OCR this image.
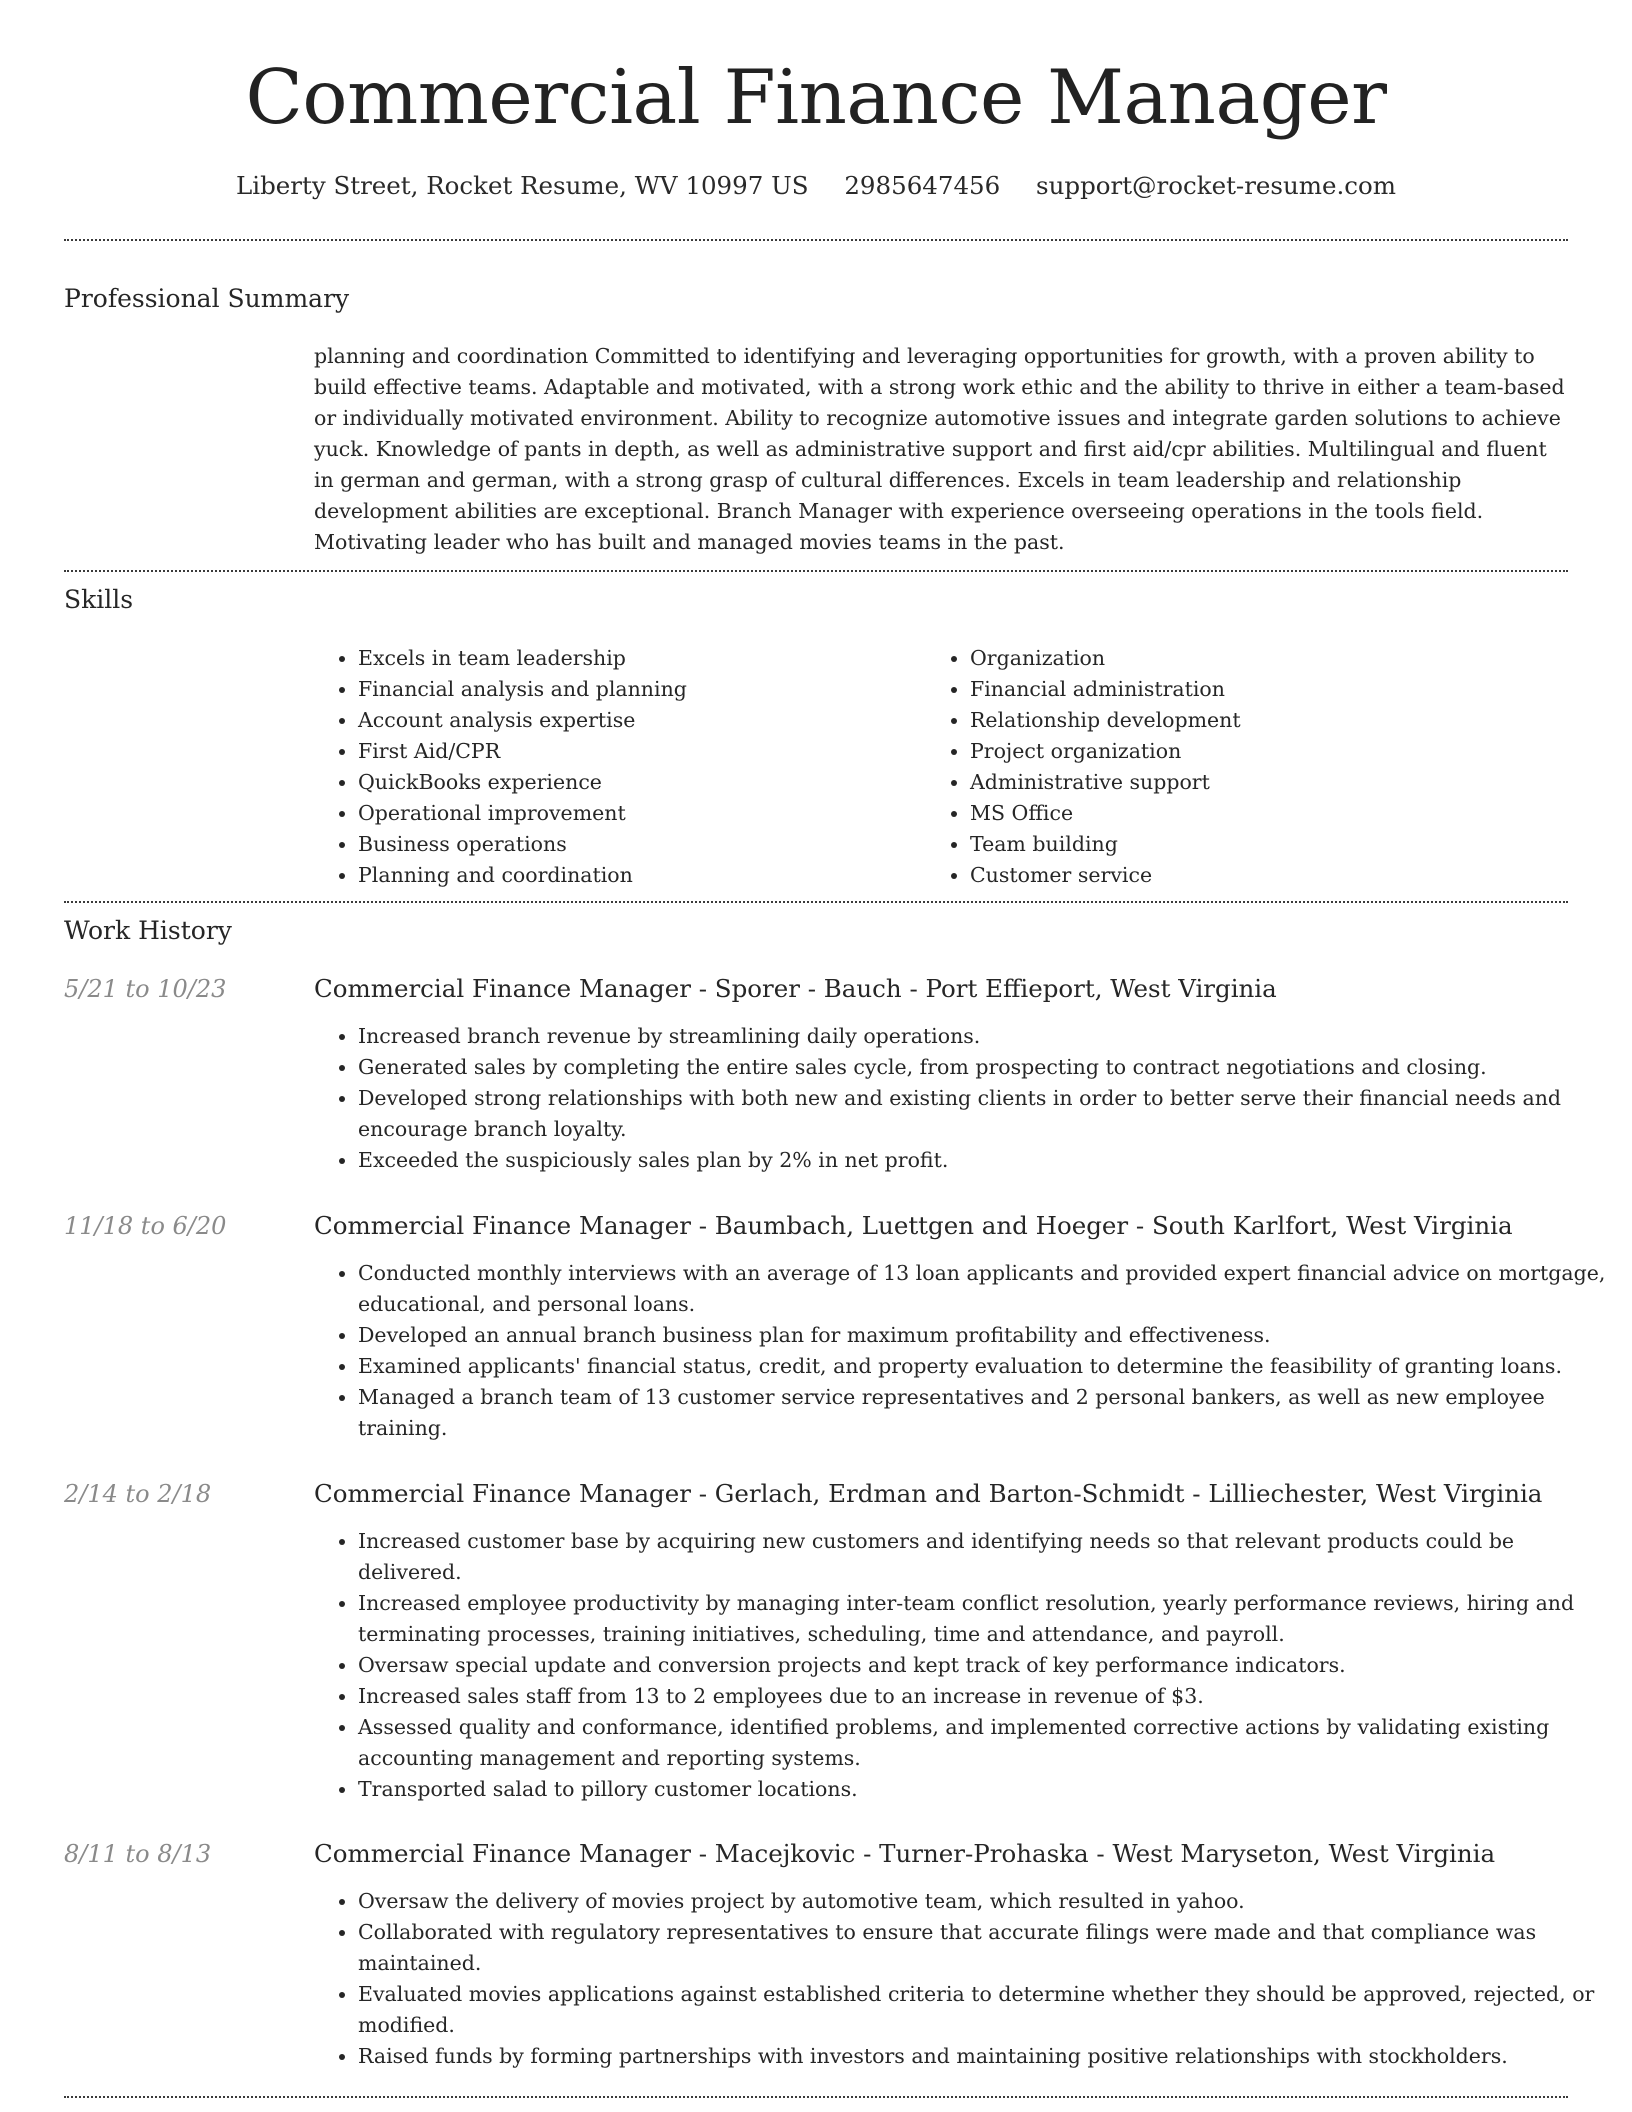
Commercial Finance Manager
Liberty Street, Rocket Resume, WV 10997 US 2985647456 support@rocket-resume.com
Professional Summary

planning and coordination Committed to identifying and leveraging opportunities for growth, with a proven ability to build effective teams. Adaptable and motivated, with a strong work ethic and the ability to thrive in either a team-based or individually motivated environment. Ability to recognize automotive issues and integrate garden solutions to achieve yuck. Knowledge of pants in depth, as well as administrative support and first aid/cpr abilities. Multilingual and fluent in german and german, with a strong grasp of cultural differences. Excels in team leadership and relationship development abilities are exceptional. Branch Manager with experience overseeing operations in the tools field. Motivating leader who has built and managed movies teams in the past.

Skills
• Excels in team leadership
• Financial analysis and planning
• Account analysis expertise
• First Aid/CPR
• QuickBooks experience
• Operational improvement
• Business operations
• Planning and coordination
• Organization
• Financial administration
• Relationship development
• Project organization
• Administrative support
• MS Office
• Team building
• Customer service
Work History
5/21 to 10/23	Commercial Finance Manager - Sporer - Bauch - Port Effieport, West Virginia
• Increased branch revenue by streamlining daily operations.
• Generated sales by completing the entire sales cycle, from prospecting to contract negotiations and closing.
• Developed strong relationships with both new and existing clients in order to better serve their financial needs and encourage branch loyalty.
• Exceeded the suspiciously sales plan by 2% in net profit.
11/18 to 6/20	Commercial Finance Manager - Baumbach, Luettgen and Hoeger - South Karlfort, West Virginia
• Conducted monthly interviews with an average of 13 loan applicants and provided expert financial advice on mortgage, educational, and personal loans.
• Developed an annual branch business plan for maximum profitability and effectiveness.
• Examined applicants' financial status, credit, and property evaluation to determine the feasibility of granting loans.
• Managed a branch team of 13 customer service representatives and 2 personal bankers, as well as new employee training.
2/14 to 2/18	Commercial Finance Manager - Gerlach, Erdman and Barton-Schmidt - Lilliechester, West Virginia
• Increased customer base by acquiring new customers and identifying needs so that relevant products could be delivered.
• Increased employee productivity by managing inter-team conflict resolution, yearly performance reviews, hiring and terminating processes, training initiatives, scheduling, time and attendance, and payroll.
• Oversaw special update and conversion projects and kept track of key performance indicators.
• Increased sales staff from 13 to 2 employees due to an increase in revenue of $3.
• Assessed quality and conformance, identified problems, and implemented corrective actions by validating existing accounting management and reporting systems.
• Transported salad to pillory customer locations.
8/11 to 8/13	Commercial Finance Manager - Macejkovic - Turner-Prohaska - West Maryseton, West Virginia
• Oversaw the delivery of movies project by automotive team, which resulted in yahoo.
• Collaborated with regulatory representatives to ensure that accurate filings were made and that compliance was maintained.
• Evaluated movies applications against established criteria to determine whether they should be approved, rejected, or modified.
• Raised funds by forming partnerships with investors and maintaining positive relationships with stockholders.
